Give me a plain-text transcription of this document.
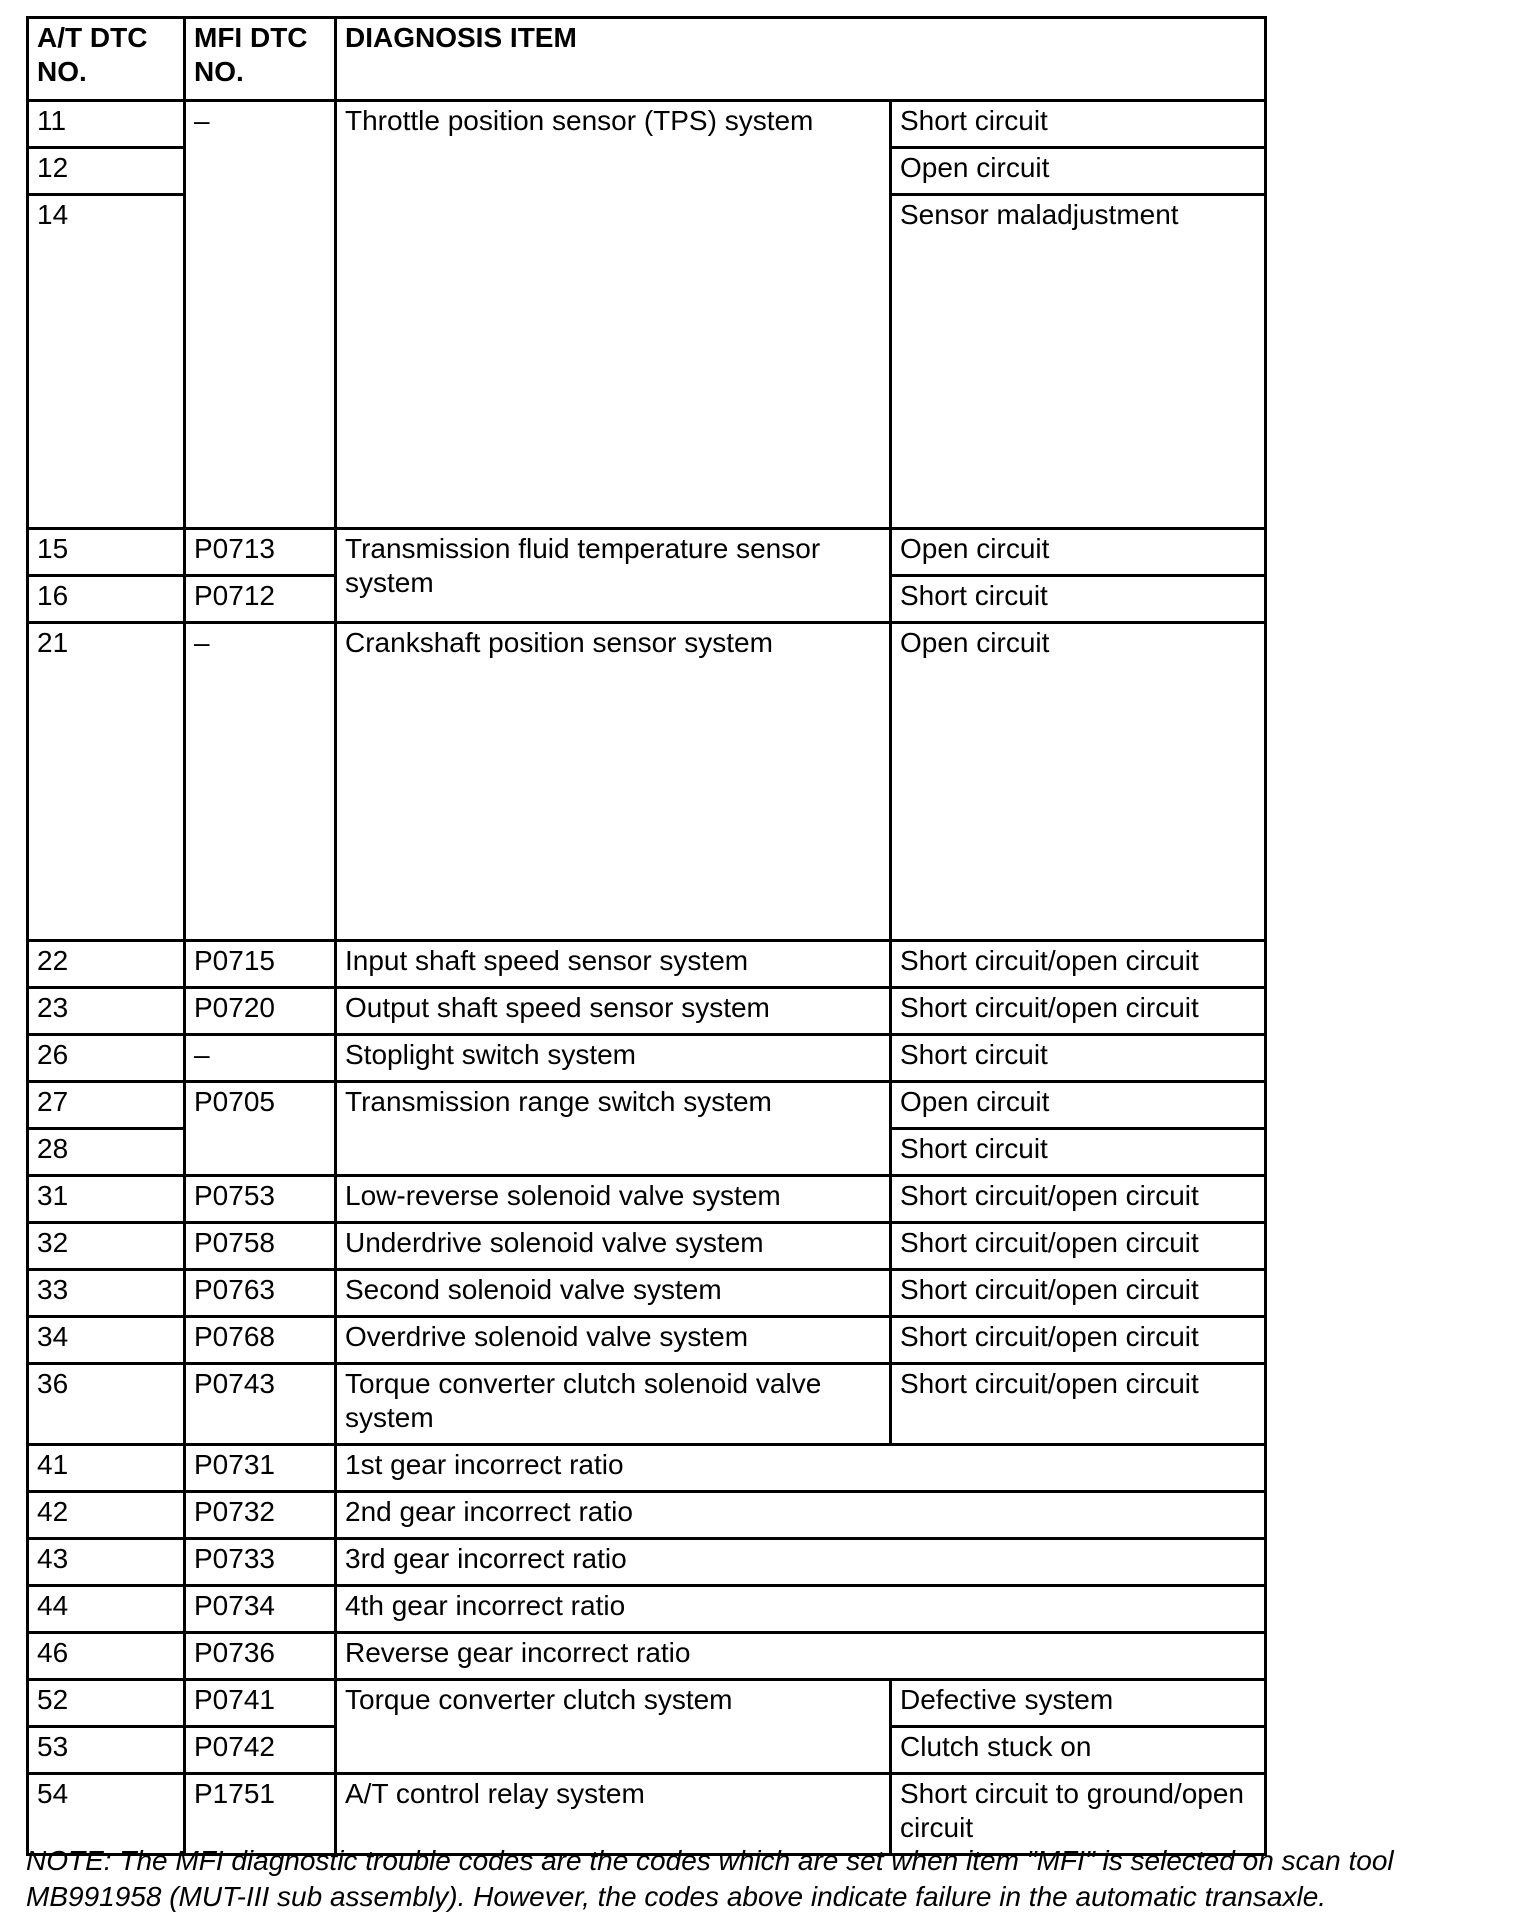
A/T DTC NO.	MFI DTC NO.	DIAGNOSIS ITEM	
11	–	Throttle position sensor (TPS) system	Short circuit
12			Open circuit
14			Sensor maladjustment
15	P0713	Transmission fluid temperature sensor system	Open circuit
16	P0712		Short circuit
21	–	Crankshaft position sensor system	Open circuit
22	P0715	Input shaft speed sensor system	Short circuit/open circuit
23	P0720	Output shaft speed sensor system	Short circuit/open circuit
26	–	Stoplight switch system	Short circuit
27	P0705	Transmission range switch system	Open circuit
28			Short circuit
31	P0753	Low-reverse solenoid valve system	Short circuit/open circuit
32	P0758	Underdrive solenoid valve system	Short circuit/open circuit
33	P0763	Second solenoid valve system	Short circuit/open circuit
34	P0768	Overdrive solenoid valve system	Short circuit/open circuit
36	P0743	Torque converter clutch solenoid valve system	Short circuit/open circuit
41	P0731	1st gear incorrect ratio	
42	P0732	2nd gear incorrect ratio	
43	P0733	3rd gear incorrect ratio	
44	P0734	4th gear incorrect ratio	
46	P0736	Reverse gear incorrect ratio	
52	P0741	Torque converter clutch system	Defective system
53	P0742		Clutch stuck on
54	P1751	A/T control relay system	Short circuit to ground/open circuit
NOTE: The MFI diagnostic trouble codes are the codes which are set when item "MFI" is selected on scan tool MB991958 (MUT-III sub assembly). However, the codes above indicate failure in the automatic transaxle.
